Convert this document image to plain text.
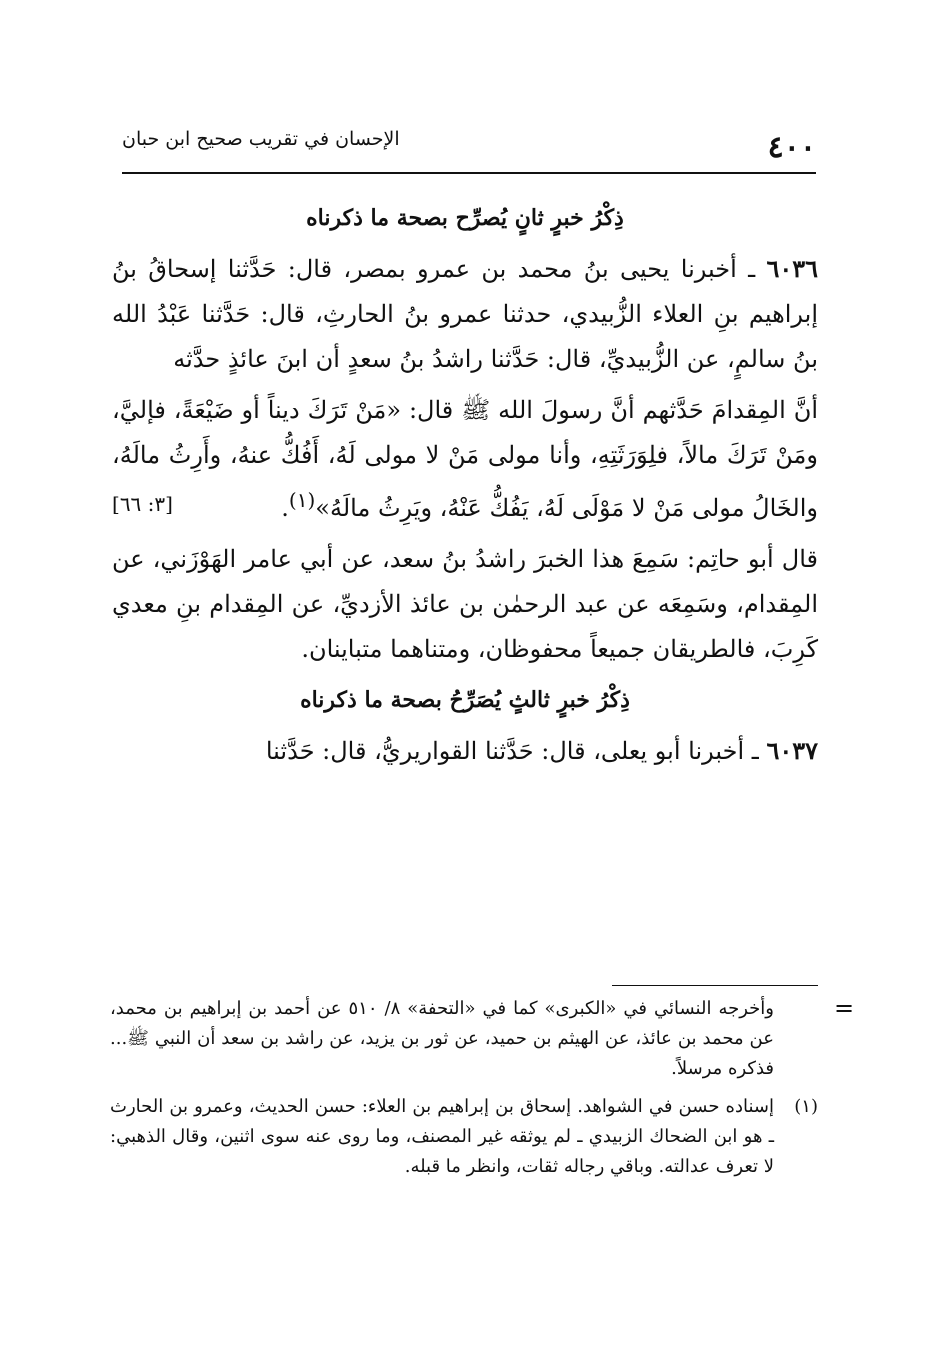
٤٠٠
الإحسان في تقريب صحيح ابن حبان
ذِكْرُ خبرٍ ثانٍ يُصرِّح بصحة ما ذكرناه

٦٠٣٦ ـ أخبرنا يحيى بنُ محمد بن عمرو بمصر، قال: حَدَّثنا إسحاقُ بنُ إبراهيم بنِ العلاء الزُّبيدي، حدثنا عمرو بنُ الحارثِ، قال: حَدَّثنا عَبْدُ الله بنُ سالمٍ، عن الزُّبيديِّ، قال: حَدَّثنا راشدُ بنُ سعدٍ أن ابنَ عائذٍ حدَّثه

أنَّ المِقدامَ حَدَّثهم أنَّ رسولَ الله ﷺ قال: «مَنْ تَرَكَ ديناً أو ضَيْعَةً، فإليَّ، ومَنْ تَرَكَ مالاً، فلِوَرَثَتِهِ، وأنا مولى مَنْ لا مولى لَهُ، أَفُكُّ عنهُ، وأَرِثُ مالَهُ، والخَالُ مولى مَنْ لا مَوْلَى لَهُ، يَفُكُّ عَنْهُ، ويَرِثُ مالَهُ»$^{(١)}$.
[٣: ٦٦]

قال أبو حاتِم: سَمِعَ هذا الخبرَ راشدُ بنُ سعد، عن أبي عامر الهَوْزَني، عن المِقدام، وسَمِعَه عن عبد الرحمٰن بن عائذ الأزديِّ، عن المِقدام بنِ معدي كَرِبَ، فالطريقان جميعاً محفوظان، ومتناهما متباينان.

ذِكْرُ خبرٍ ثالثٍ يُصَرِّحُ بصحة ما ذكرناه

٦٠٣٧ ـ أخبرنا أبو يعلى، قال: حَدَّثنا القواريريُّ، قال: حَدَّثنا

=

وأخرجه النسائي في «الكبرى» كما في «التحفة» ٨/ ٥١٠ عن أحمد بن إبراهيم بن محمد، عن محمد بن عائذ، عن الهيثم بن حميد، عن ثور بن يزيد، عن راشد بن سعد أن النبي ﷺ... فذكره مرسلاً.

(١)
إسناده حسن في الشواهد. إسحاق بن إبراهيم بن العلاء: حسن الحديث، وعمرو بن الحارث ـ هو ابن الضحاك الزبيدي ـ لم يوثقه غير المصنف، وما روى عنه سوى اثنين، وقال الذهبي: لا تعرف عدالته. وباقي رجاله ثقات، وانظر ما قبله.
